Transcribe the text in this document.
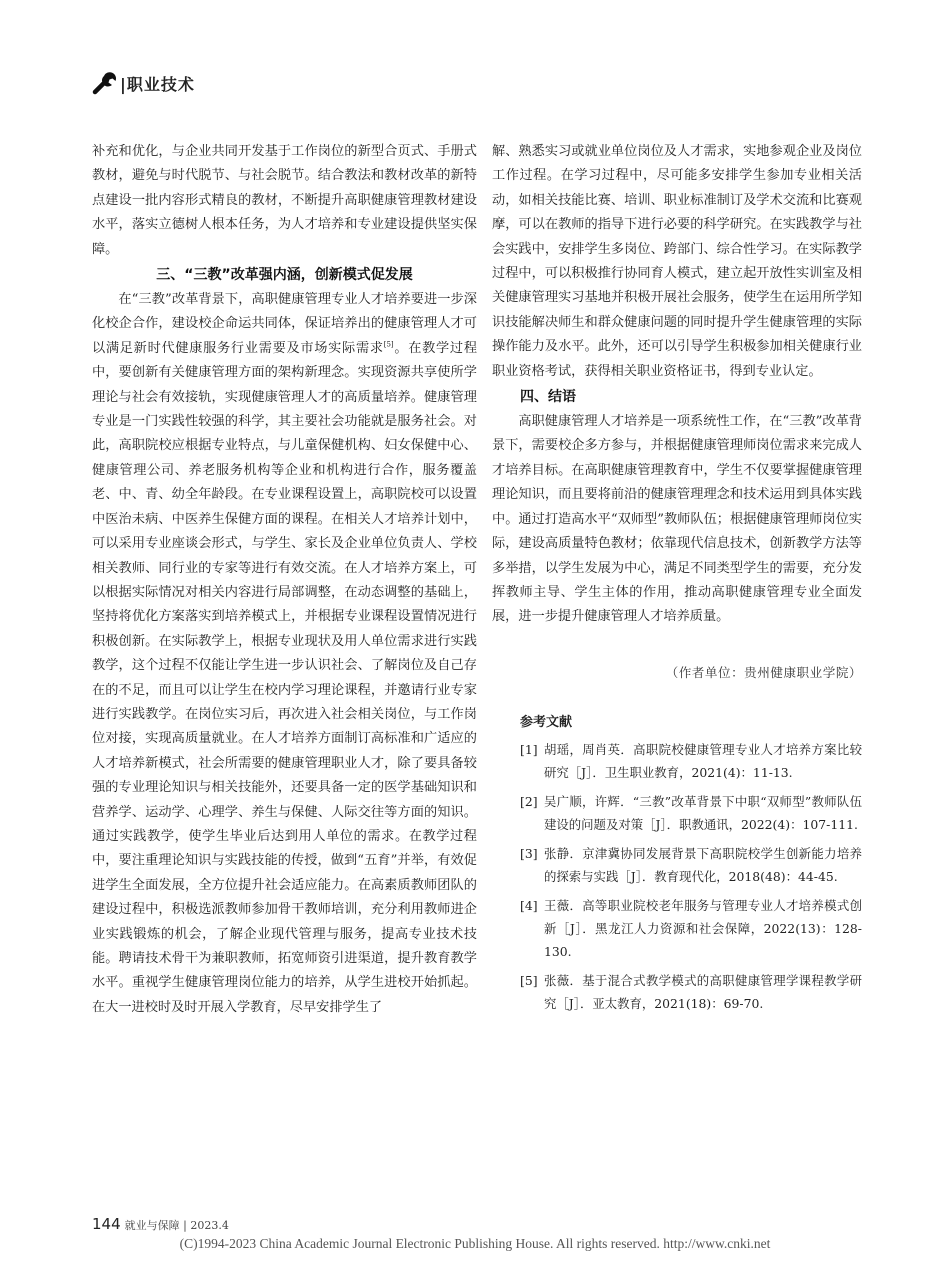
|职业技术

补充和优化，与企业共同开发基于工作岗位的新型合页式、手册式教材，避免与时代脱节、与社会脱节。结合教法和教材改革的新特点建设一批内容形式精良的教材，不断提升高职健康管理教材建设水平，落实立德树人根本任务，为人才培养和专业建设提供坚实保障。

三、“三教”改革强内涵，创新模式促发展

在“三教”改革背景下，高职健康管理专业人才培养要进一步深化校企合作，建设校企命运共同体，保证培养出的健康管理人才可以满足新时代健康服务行业需要及市场实际需求[5]。在教学过程中，要创新有关健康管理方面的架构新理念。实现资源共享使所学理论与社会有效接轨，实现健康管理人才的高质量培养。健康管理专业是一门实践性较强的科学，其主要社会功能就是服务社会。对此，高职院校应根据专业特点，与儿童保健机构、妇女保健中心、健康管理公司、养老服务机构等企业和机构进行合作，服务覆盖老、中、青、幼全年龄段。在专业课程设置上，高职院校可以设置中医治未病、中医养生保健方面的课程。在相关人才培养计划中，可以采用专业座谈会形式，与学生、家长及企业单位负责人、学校相关教师、同行业的专家等进行有效交流。在人才培养方案上，可以根据实际情况对相关内容进行局部调整，在动态调整的基础上，坚持将优化方案落实到培养模式上，并根据专业课程设置情况进行积极创新。在实际教学上，根据专业现状及用人单位需求进行实践教学，这个过程不仅能让学生进一步认识社会、了解岗位及自己存在的不足，而且可以让学生在校内学习理论课程，并邀请行业专家进行实践教学。在岗位实习后，再次进入社会相关岗位，与工作岗位对接，实现高质量就业。在人才培养方面制订高标准和广适应的人才培养新模式，社会所需要的健康管理职业人才，除了要具备较强的专业理论知识与相关技能外，还要具备一定的医学基础知识和营养学、运动学、心理学、养生与保健、人际交往等方面的知识。通过实践教学，使学生毕业后达到用人单位的需求。在教学过程中，要注重理论知识与实践技能的传授，做到“五育”并举，有效促进学生全面发展，全方位提升社会适应能力。在高素质教师团队的建设过程中，积极选派教师参加骨干教师培训，充分利用教师进企业实践锻炼的机会，了解企业现代管理与服务，提高专业技术技能。聘请技术骨干为兼职教师，拓宽师资引进渠道，提升教育教学水平。重视学生健康管理岗位能力的培养，从学生进校开始抓起。在大一进校时及时开展入学教育，尽早安排学生了

解、熟悉实习或就业单位岗位及人才需求，实地参观企业及岗位工作过程。在学习过程中，尽可能多安排学生参加专业相关活动，如相关技能比赛、培训、职业标准制订及学术交流和比赛观摩，可以在教师的指导下进行必要的科学研究。在实践教学与社会实践中，安排学生多岗位、跨部门、综合性学习。在实际教学过程中，可以积极推行协同育人模式，建立起开放性实训室及相关健康管理实习基地并积极开展社会服务，使学生在运用所学知识技能解决师生和群众健康问题的同时提升学生健康管理的实际操作能力及水平。此外，还可以引导学生积极参加相关健康行业职业资格考试，获得相关职业资格证书，得到专业认定。

四、结语

高职健康管理人才培养是一项系统性工作，在“三教”改革背景下，需要校企多方参与，并根据健康管理师岗位需求来完成人才培养目标。在高职健康管理教育中，学生不仅要掌握健康管理理论知识，而且要将前沿的健康管理理念和技术运用到具体实践中。通过打造高水平“双师型”教师队伍；根据健康管理师岗位实际，建设高质量特色教材；依靠现代信息技术，创新教学方法等多举措，以学生发展为中心，满足不同类型学生的需要，充分发挥教师主导、学生主体的作用，推动高职健康管理专业全面发展，进一步提升健康管理人才培养质量。

（作者单位：贵州健康职业学院）

参考文献

[1] 胡瑶，周肖英．高职院校健康管理专业人才培养方案比较研究［J］．卫生职业教育，2021(4)：11-13.
[2] 吴广顺，许辉．“三教”改革背景下中职“双师型”教师队伍建设的问题及对策［J］．职教通讯，2022(4)：107-111.
[3] 张静．京津冀协同发展背景下高职院校学生创新能力培养的探索与实践［J］．教育现代化，2018(48)：44-45.
[4] 王薇．高等职业院校老年服务与管理专业人才培养模式创新［J］．黑龙江人力资源和社会保障，2022(13)：128-130.
[5] 张薇．基于混合式教学模式的高职健康管理学课程教学研究［J］．亚太教育，2021(18)：69-70.
144 就业与保障 | 2023.4
(C)1994-2023 China Academic Journal Electronic Publishing House. All rights reserved. http://www.cnki.net
